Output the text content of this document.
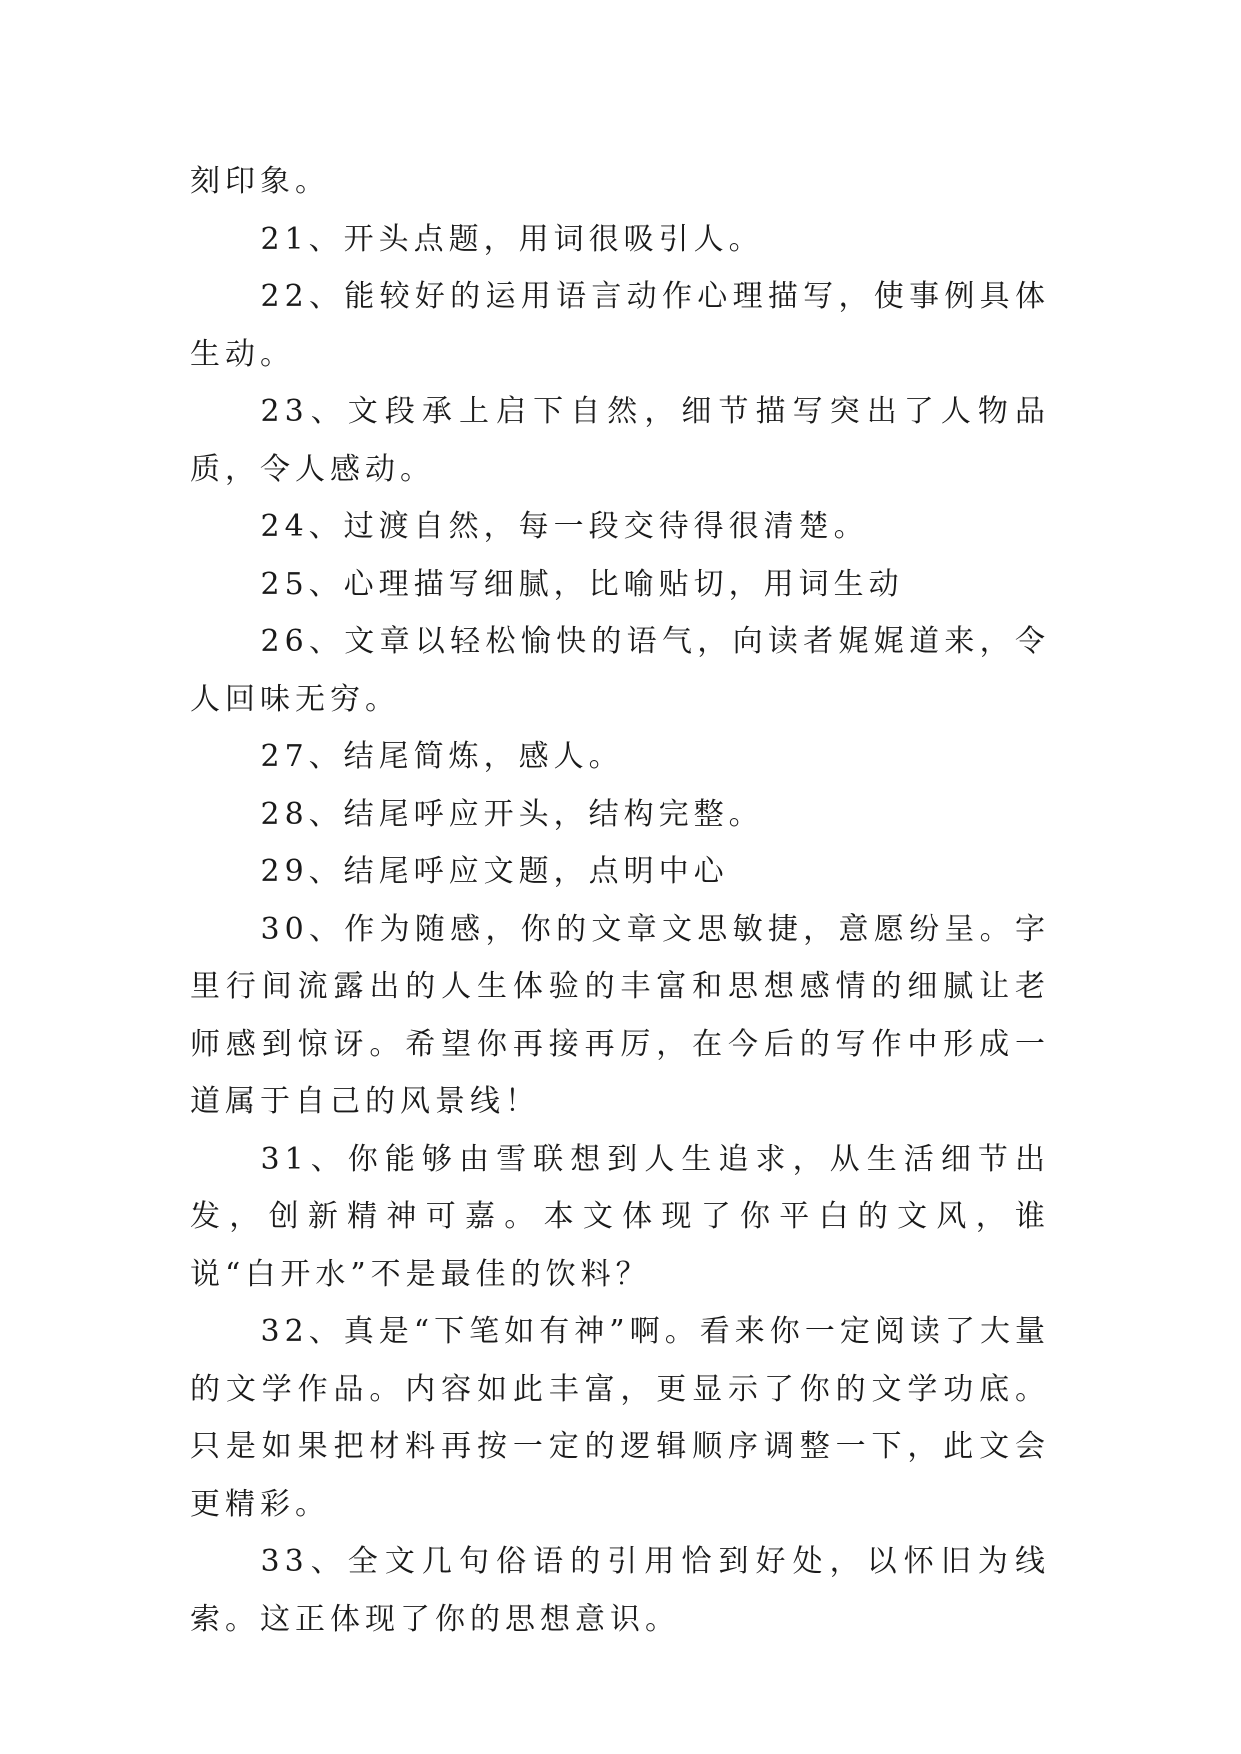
刻印象。

21、开头点题，用词很吸引人。

22、能较好的运用语言动作心理描写，使事例具体生动。

23、文段承上启下自然，细节描写突出了人物品质，令人感动。

24、过渡自然，每一段交待得很清楚。

25、心理描写细腻，比喻贴切，用词生动

26、文章以轻松愉快的语气，向读者娓娓道来，令人回味无穷。

27、结尾简炼，感人。

28、结尾呼应开头，结构完整。

29、结尾呼应文题，点明中心

30、作为随感，你的文章文思敏捷，意愿纷呈。字里行间流露出的人生体验的丰富和思想感情的细腻让老师感到惊讶。希望你再接再厉，在今后的写作中形成一道属于自己的风景线！

31、你能够由雪联想到人生追求，从生活细节出发，创新精神可嘉。本文体现了你平白的文风，谁说“白开水”不是最佳的饮料？

32、真是“下笔如有神”啊。看来你一定阅读了大量的文学作品。内容如此丰富，更显示了你的文学功底。只是如果把材料再按一定的逻辑顺序调整一下，此文会更精彩。

33、全文几句俗语的引用恰到好处，以怀旧为线索。这正体现了你的思想意识。
